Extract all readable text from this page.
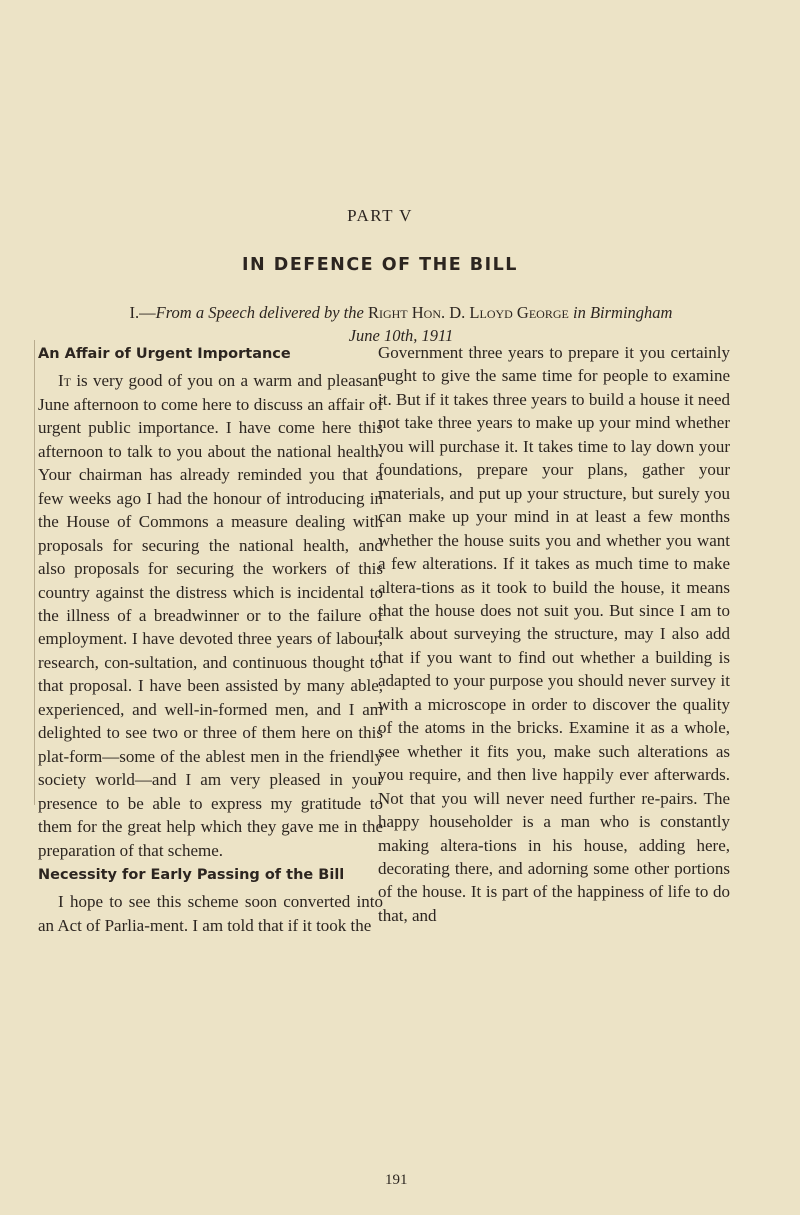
PART V
IN DEFENCE OF THE BILL
I.—From a Speech delivered by the Right Hon. D. Lloyd George in Birmingham
June 10th, 1911
An Affair of Urgent Importance

It is very good of you on a warm and pleasant June afternoon to come here to discuss an affair of urgent public importance. I have come here this afternoon to talk to you about the national health. Your chairman has already reminded you that a few weeks ago I had the honour of introducing in the House of Commons a measure dealing with proposals for securing the national health, and also proposals for securing the workers of this country against the distress which is incidental to the illness of a breadwinner or to the failure of employment. I have devoted three years of labour, research, con-sultation, and continuous thought to that proposal. I have been assisted by many able, experienced, and well-in-formed men, and I am delighted to see two or three of them here on this plat-form—some of the ablest men in the friendly society world—and I am very pleased in your presence to be able to express my gratitude to them for the great help which they gave me in the preparation of that scheme.

Necessity for Early Passing of the Bill

I hope to see this scheme soon converted into an Act of Parlia-ment. I am told that if it took the

Government three years to prepare it you certainly ought to give the same time for people to examine it. But if it takes three years to build a house it need not take three years to make up your mind whether you will purchase it. It takes time to lay down your foundations, prepare your plans, gather your materials, and put up your structure, but surely you can make up your mind in at least a few months whether the house suits you and whether you want a few alterations. If it takes as much time to make altera-tions as it took to build the house, it means that the house does not suit you. But since I am to talk about surveying the structure, may I also add that if you want to find out whether a building is adapted to your purpose you should never survey it with a microscope in order to discover the quality of the atoms in the bricks. Examine it as a whole, see whether it fits you, make such alterations as you require, and then live happily ever afterwards. Not that you will never need further re-pairs. The happy householder is a man who is constantly making altera-tions in his house, adding here, decorating there, and adorning some other portions of the house. It is part of the happiness of life to do that, and

191
